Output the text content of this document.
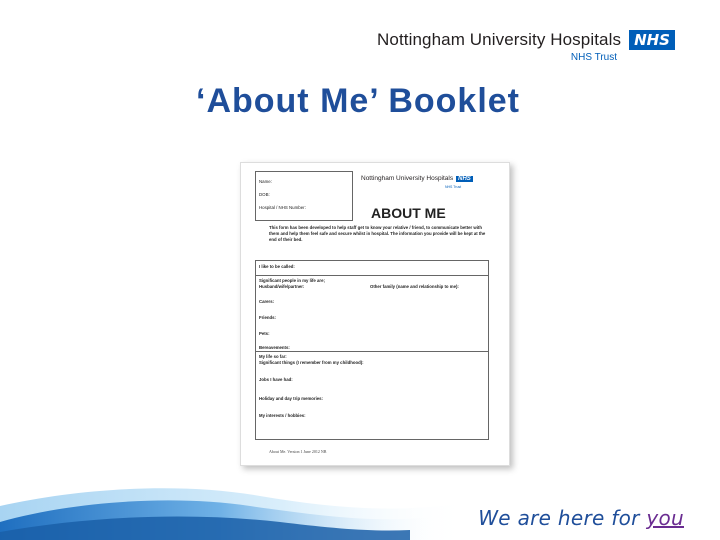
Nottingham University Hospitals NHS
NHS Trust
‘About Me’ Booklet
Name:
DOB:
Hospital / NHS Number:
Nottingham University Hospitals NHS
NHS Trust
ABOUT ME
This form has been developed to help staff get to know your relative / friend, to communicate better with them and help them feel safe and secure whilst in hospital. The information you provide will be kept at the end of their bed.
I like to be called:
Significant people in my life are;
Husband/wife/partner:	Other family (name and relationship to me):
Carers:
Friends:
Pets:
Bereavements:
My life so far:
Significant things (I remember from my childhood):
Jobs I have had:
Holiday and day trip memories:
My interests / hobbies:
About Me. Version 1 June 2012 NB
We are here for you
